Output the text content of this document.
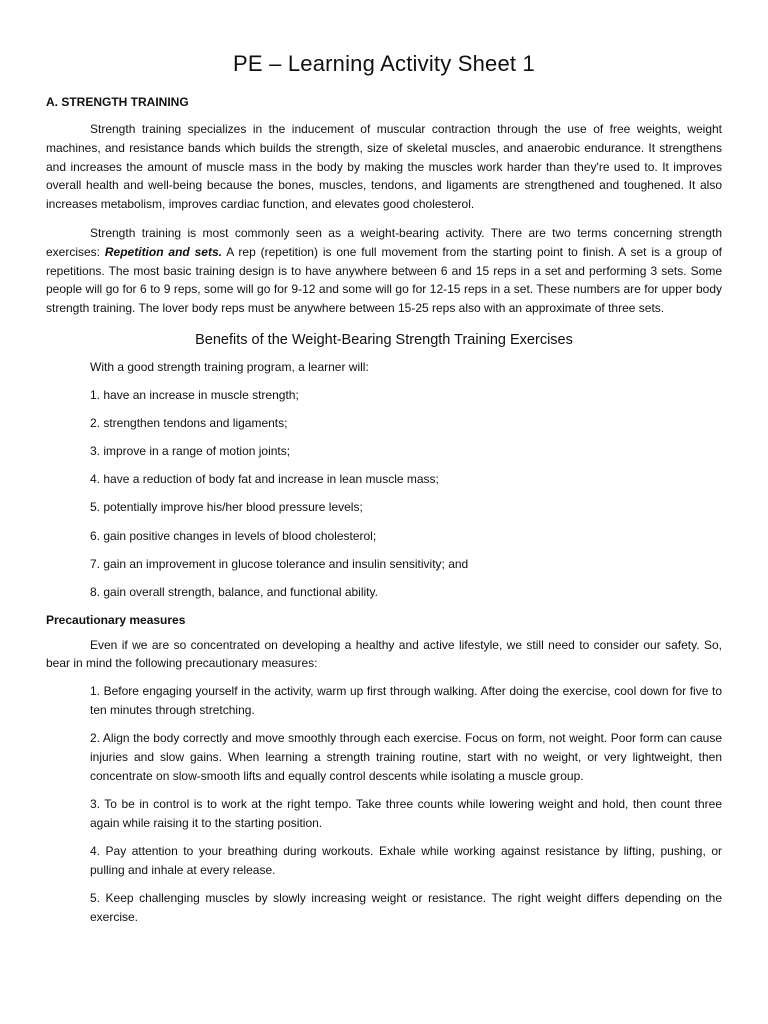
PE – Learning Activity Sheet 1
A. STRENGTH TRAINING

Strength training specializes in the inducement of muscular contraction through the use of free weights, weight machines, and resistance bands which builds the strength, size of skeletal muscles, and anaerobic endurance. It strengthens and increases the amount of muscle mass in the body by making the muscles work harder than they're used to. It improves overall health and well-being because the bones, muscles, tendons, and ligaments are strengthened and toughened. It also increases metabolism, improves cardiac function, and elevates good cholesterol.

Strength training is most commonly seen as a weight-bearing activity. There are two terms concerning strength exercises: Repetition and sets. A rep (repetition) is one full movement from the starting point to finish. A set is a group of repetitions. The most basic training design is to have anywhere between 6 and 15 reps in a set and performing 3 sets. Some people will go for 6 to 9 reps, some will go for 9-12 and some will go for 12-15 reps in a set. These numbers are for upper body strength training. The lover body reps must be anywhere between 15-25 reps also with an approximate of three sets.

Benefits of the Weight-Bearing Strength Training Exercises

With a good strength training program, a learner will:

1. have an increase in muscle strength;

2. strengthen tendons and ligaments;

3. improve in a range of motion joints;

4. have a reduction of body fat and increase in lean muscle mass;

5. potentially improve his/her blood pressure levels;

6. gain positive changes in levels of blood cholesterol;

7. gain an improvement in glucose tolerance and insulin sensitivity; and

8. gain overall strength, balance, and functional ability.

Precautionary measures

Even if we are so concentrated on developing a healthy and active lifestyle, we still need to consider our safety. So, bear in mind the following precautionary measures:

1. Before engaging yourself in the activity, warm up first through walking. After doing the exercise, cool down for five to ten minutes through stretching.

2. Align the body correctly and move smoothly through each exercise. Focus on form, not weight. Poor form can cause injuries and slow gains. When learning a strength training routine, start with no weight, or very lightweight, then concentrate on slow-smooth lifts and equally control descents while isolating a muscle group.

3. To be in control is to work at the right tempo. Take three counts while lowering weight and hold, then count three again while raising it to the starting position.

4. Pay attention to your breathing during workouts. Exhale while working against resistance by lifting, pushing, or pulling and inhale at every release.

5. Keep challenging muscles by slowly increasing weight or resistance. The right weight differs depending on the exercise.
